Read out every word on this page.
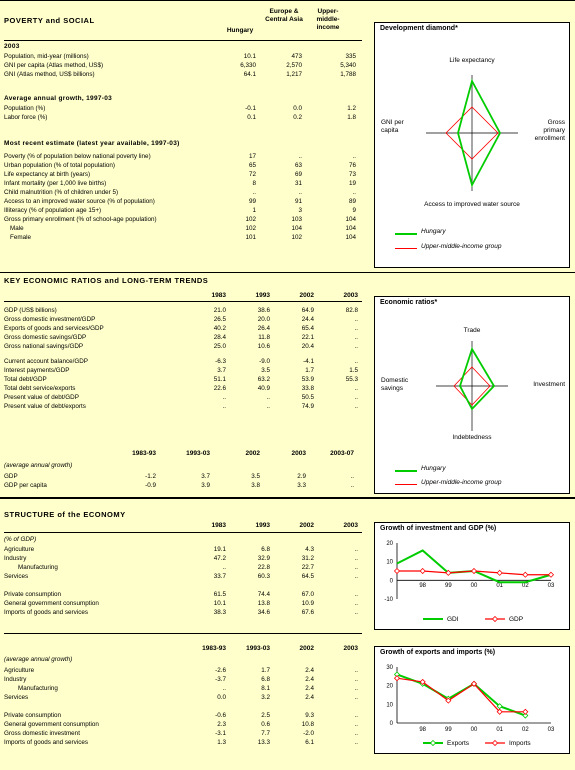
POVERTY and SOCIAL
Hungary
Europe & Central Asia
Upper-middle-income
2003
Population, mid-year (millions)	10.1	473	335
GNI per capita (Atlas method, US$)	6,330	2,570	5,340
GNI (Atlas method, US$ billions)	64.1	1,217	1,788
Average annual growth, 1997-03
Population (%)	-0.1	0.0	1.2
Labor force (%)	0.1	0.2	1.8
Most recent estimate (latest year available, 1997-03)
Poverty (% of population below national poverty line)	17	..	..
Urban population (% of total population)	65	63	76
Life expectancy at birth (years)	72	69	73
Infant mortality (per 1,000 live births)	8	31	19
Child malnutrition (% of children under 5)	..	..	..
Access to an improved water source (% of population)	99	91	89
Illiteracy (% of population age 15+)	1	3	9
Gross primary enrollment (% of school-age population)	102	103	104
Male	102	104	104
Female	101	102	104
Development diamond*
Life expectancy
GNI per capita
Gross primary enrollment
Access to improved water source
Hungary
Upper-middle-income group
KEY ECONOMIC RATIOS and LONG-TERM TRENDS
1983	1993	2002	2003
GDP (US$ billions)	21.0	38.6	64.9	82.8
Gross domestic investment/GDP	26.5	20.0	24.4	..
Exports of goods and services/GDP	40.2	26.4	65.4	..
Gross domestic savings/GDP	28.4	11.8	22.1	..
Gross national savings/GDP	25.0	10.6	20.4	..
Current account balance/GDP	-6.3	-9.0	-4.1	..
Interest payments/GDP	3.7	3.5	1.7	1.5
Total debt/GDP	51.1	63.2	53.9	55.3
Total debt service/exports	22.6	40.9	33.8	..
Present value of debt/GDP	..	..	50.5	..
Present value of debt/exports	..	..	74.9	..
1983-93	1993-03	2002	2003	2003-07
(average annual growth)
GDP	-1.2	3.7	3.5	2.9	..
GDP per capita	-0.9	3.9	3.8	3.3	..
Economic ratios*
Trade
Domestic savings
Investment
Indebtedness
Hungary
Upper-middle-income group
STRUCTURE of the ECONOMY
1983	1993	2002	2003
(% of GDP)
Agriculture	19.1	6.8	4.3	..
Industry	47.2	32.9	31.2	..
Manufacturing	..	22.8	22.7	..
Services	33.7	60.3	64.5	..
Private consumption	61.5	74.4	67.0	..
General government consumption	10.1	13.8	10.9	..
Imports of goods and services	38.3	34.6	67.6	..
1983-93	1993-03	2002	2003
(average annual growth)
Agriculture	-2.6	1.7	2.4	..
Industry	-3.7	6.8	2.4	..
Manufacturing	..	8.1	2.4	..
Services	0.0	3.2	2.4	..
Private consumption	-0.6	2.5	9.3	..
General government consumption	2.3	0.6	10.8	..
Gross domestic investment	-3.1	7.7	-2.0	..
Imports of goods and services	1.3	13.3	6.1	..
Growth of investment and GDP (%)
-10
0
10
20
98	99	00	01	02	03
GDI	GDP
Growth of exports and imports (%)
0
10
20
30
98	99	00	01	02	03
Exports	Imports
